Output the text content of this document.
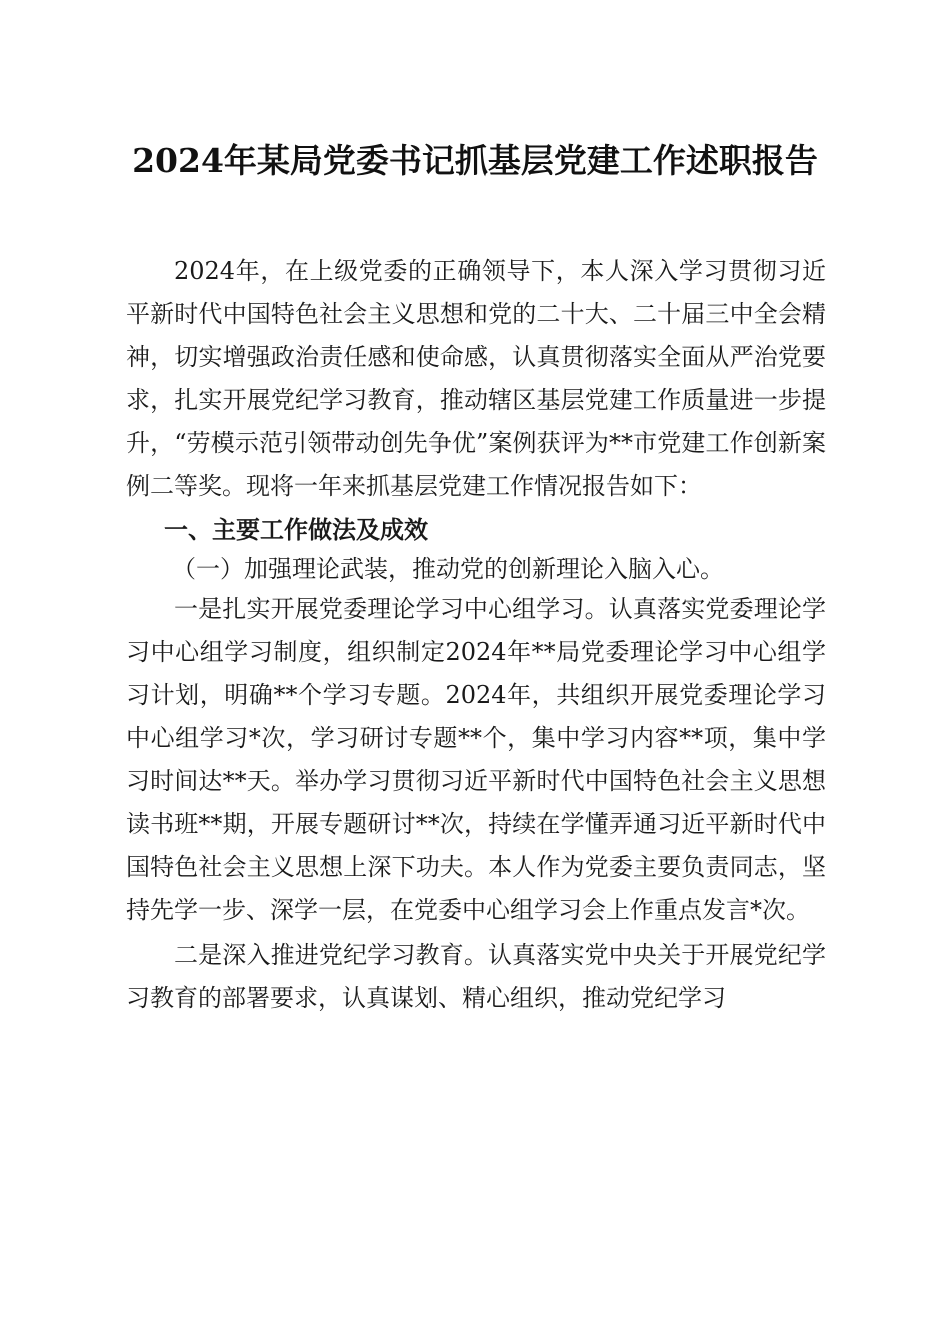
2024年某局党委书记抓基层党建工作述职报告

2024年，在上级党委的正确领导下，本人深入学习贯彻习近平新时代中国特色社会主义思想和党的二十大、二十届三中全会精神，切实增强政治责任感和使命感，认真贯彻落实全面从严治党要求，扎实开展党纪学习教育，推动辖区基层党建工作质量进一步提升，“劳模示范引领带动创先争优”案例获评为**市党建工作创新案例二等奖。现将一年来抓基层党建工作情况报告如下：

一、主要工作做法及成效

（一）加强理论武装，推动党的创新理论入脑入心。

一是扎实开展党委理论学习中心组学习。认真落实党委理论学习中心组学习制度，组织制定2024年**局党委理论学习中心组学习计划，明确**个学习专题。2024年，共组织开展党委理论学习中心组学习*次，学习研讨专题**个，集中学习内容**项，集中学习时间达**天。举办学习贯彻习近平新时代中国特色社会主义思想读书班**期，开展专题研讨**次，持续在学懂弄通习近平新时代中国特色社会主义思想上深下功夫。本人作为党委主要负责同志，坚持先学一步、深学一层，在党委中心组学习会上作重点发言*次。

二是深入推进党纪学习教育。认真落实党中央关于开展党纪学习教育的部署要求，认真谋划、精心组织，推动党纪学习
